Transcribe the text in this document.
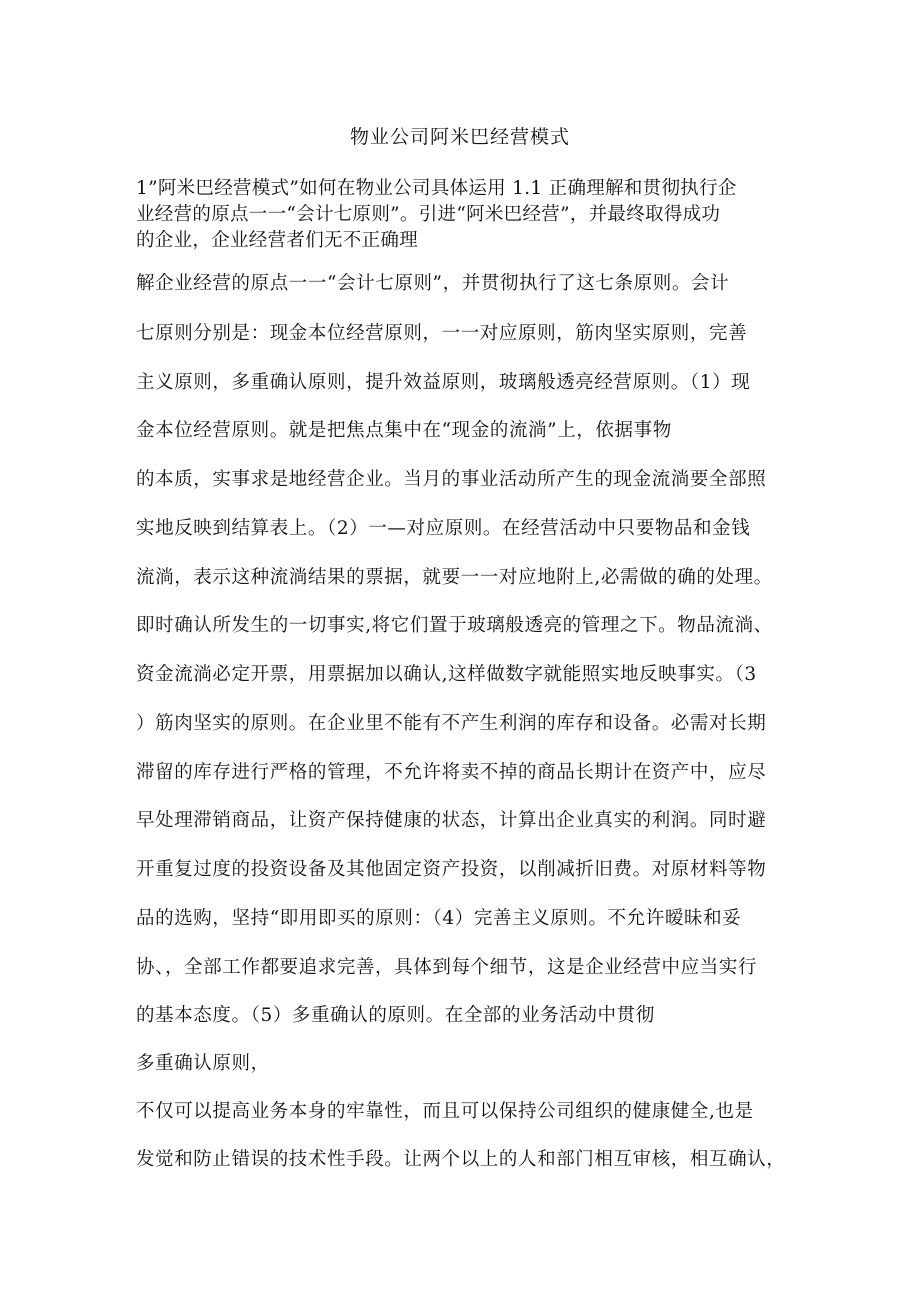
物业公司阿米巴经营模式
1”阿米巴经营模式”如何在物业公司具体运用 1.1 正确理解和贯彻执行企
业经营的原点一一“会计七原则”。引进“阿米巴经营”，并最终取得成功
的企业，企业经营者们无不正确理
解企业经营的原点一一“会计七原则”，并贯彻执行了这七条原则。会计
七原则分别是：现金本位经营原则，一一对应原则，筋肉坚实原则，完善
主义原则，多重确认原则，提升效益原则，玻璃般透亮经营原则。（1）现
金本位经营原则。就是把焦点集中在“现金的流淌”上，依据事物
的本质，实事求是地经营企业。当月的事业活动所产生的现金流淌要全部照
实地反映到结算表上。（2）一—对应原则。在经营活动中只要物品和金钱
流淌，表示这种流淌结果的票据，就要一一对应地附上,必需做的确的处理。
即时确认所发生的一切事实,将它们置于玻璃般透亮的管理之下。物品流淌、
资金流淌必定开票，用票据加以确认,这样做数字就能照实地反映事实。（3
）筋肉坚实的原则。在企业里不能有不产生利润的库存和设备。必需对长期
滞留的库存进行严格的管理，不允许将卖不掉的商品长期计在资产中，应尽
早处理滞销商品，让资产保持健康的状态，计算出企业真实的利润。同时避
开重复过度的投资设备及其他固定资产投资，以削减折旧费。对原材料等物
品的选购，坚持“即用即买的原则：（4）完善主义原则。不允许暧昧和妥
协、，全部工作都要追求完善，具体到每个细节，这是企业经营中应当实行
的基本态度。（5）多重确认的原则。在全部的业务活动中贯彻
多重确认原则，
不仅可以提高业务本身的牢靠性，而且可以保持公司组织的健康健全,也是
发觉和防止错误的技术性手段。让两个以上的人和部门相互审核，相互确认，
